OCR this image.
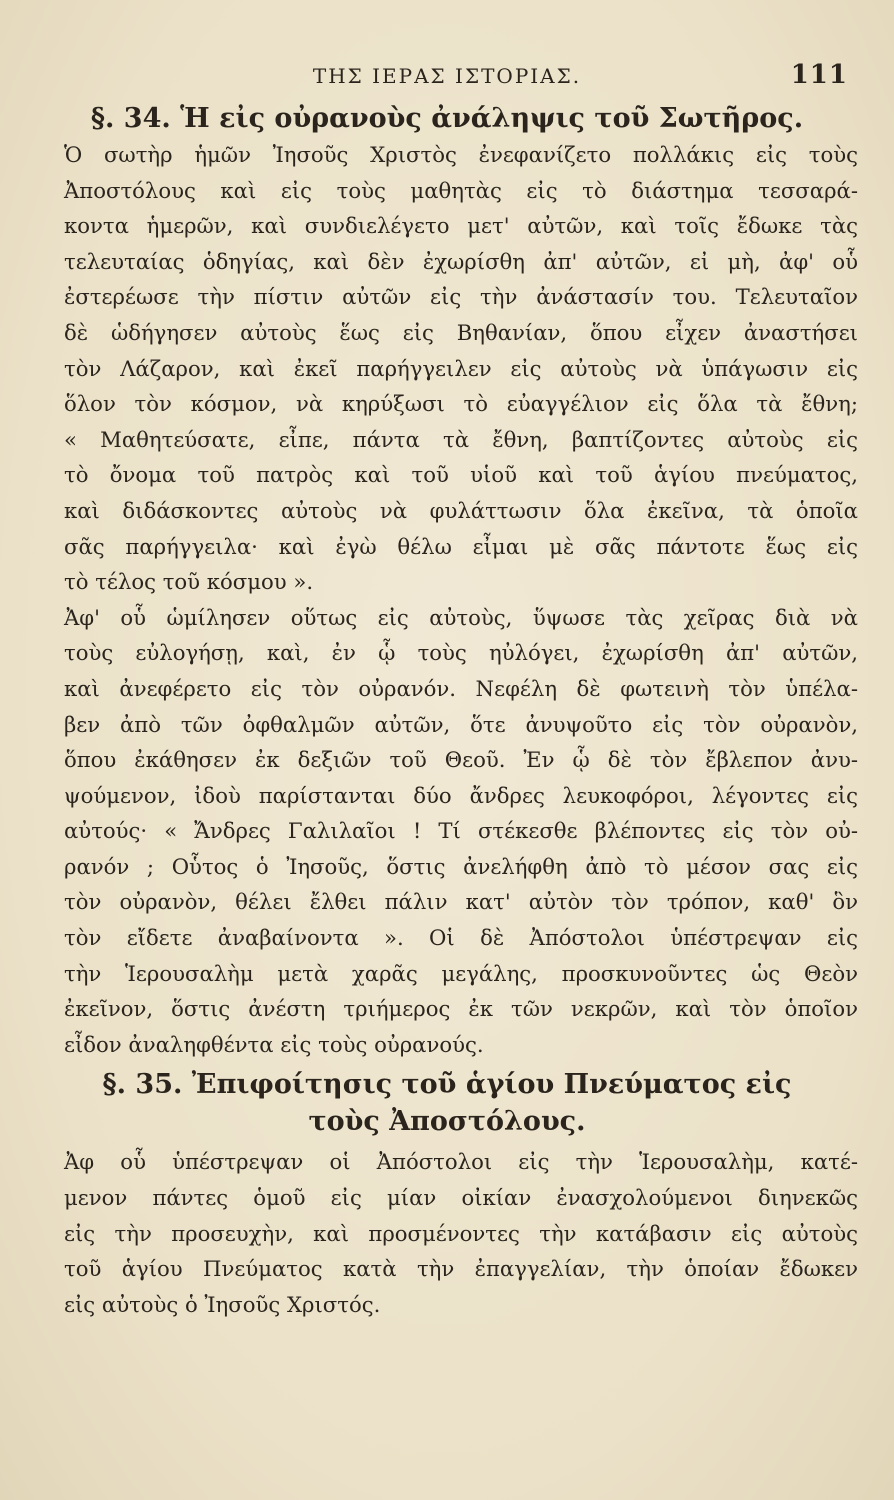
ΤΗΣ ΙΕΡΑΣ ΙΣΤΟΡΙΑΣ.	111
§. 34. Ἡ εἰς οὐρανοὺς ἀνάληψις τοῦ Σωτῆρος.

Ὁ σωτὴρ ἡμῶν Ἰησοῦς Χριστὸς ἐνεφανίζετο πολλάκις εἰς τοὺς
Ἀποστόλους καὶ εἰς τοὺς μαθητὰς εἰς τὸ διάστημα τεσσαρά-
κοντα ἡμερῶν, καὶ συνδιελέγετο μετ' αὐτῶν, καὶ τοῖς ἔδωκε τὰς
τελευταίας ὁδηγίας, καὶ δὲν ἐχωρίσθη ἀπ' αὐτῶν, εἰ μὴ, ἀφ' οὗ
ἐστερέωσε τὴν πίστιν αὐτῶν εἰς τὴν ἀνάστασίν του. Τελευταῖον
δὲ ὡδήγησεν αὐτοὺς ἕως εἰς Βηθανίαν, ὅπου εἶχεν ἀναστήσει
τὸν Λάζαρον, καὶ ἐκεῖ παρήγγειλεν εἰς αὐτοὺς νὰ ὑπάγωσιν εἰς
ὅλον τὸν κόσμον, νὰ κηρύξωσι τὸ εὐαγγέλιον εἰς ὅλα τὰ ἔθνη;
« Μαθητεύσατε, εἶπε, πάντα τὰ ἔθνη, βαπτίζοντες αὐτοὺς εἰς
τὸ ὄνομα τοῦ πατρὸς καὶ τοῦ υἱοῦ καὶ τοῦ ἁγίου πνεύματος,
καὶ διδάσκοντες αὐτοὺς νὰ φυλάττωσιν ὅλα ἐκεῖνα, τὰ ὁποῖα
σᾶς παρήγγειλα· καὶ ἐγὼ θέλω εἶμαι μὲ σᾶς πάντοτε ἕως εἰς
τὸ τέλος τοῦ κόσμου ».

Ἀφ' οὗ ὡμίλησεν οὕτως εἰς αὐτοὺς, ὕψωσε τὰς χεῖρας διὰ νὰ
τοὺς εὐλογήσῃ, καὶ, ἐν ᾧ τοὺς ηὐλόγει, ἐχωρίσθη ἀπ' αὐτῶν,
καὶ ἀνεφέρετο εἰς τὸν οὐρανόν. Νεφέλη δὲ φωτεινὴ τὸν ὑπέλα-
βεν ἀπὸ τῶν ὀφθαλμῶν αὐτῶν, ὅτε ἀνυψοῦτο εἰς τὸν οὐρανὸν,
ὅπου ἐκάθησεν ἐκ δεξιῶν τοῦ Θεοῦ. Ἐν ᾧ δὲ τὸν ἔβλεπον ἀνυ-
ψούμενον, ἰδοὺ παρίστανται δύο ἄνδρες λευκοφόροι, λέγοντες εἰς
αὐτούς· « Ἄνδρες Γαλιλαῖοι ! Τί στέκεσθε βλέποντες εἰς τὸν οὐ-
ρανόν ; Οὗτος ὁ Ἰησοῦς, ὅστις ἀνελήφθη ἀπὸ τὸ μέσον σας εἰς
τὸν οὐρανὸν, θέλει ἔλθει πάλιν κατ' αὐτὸν τὸν τρόπον, καθ' ὃν
τὸν εἴδετε ἀναβαίνοντα ». Οἱ δὲ Ἀπόστολοι ὑπέστρεψαν εἰς
τὴν Ἱερουσαλὴμ μετὰ χαρᾶς μεγάλης, προσκυνοῦντες ὡς Θεὸν
ἐκεῖνον, ὅστις ἀνέστη τριήμερος ἐκ τῶν νεκρῶν, καὶ τὸν ὁποῖον
εἶδον ἀναληφθέντα εἰς τοὺς οὐρανούς.

§. 35. Ἐπιφοίτησις τοῦ ἁγίου Πνεύματος εἰς
τοὺς Ἀποστόλους.

Ἀφ οὗ ὑπέστρεψαν οἱ Ἀπόστολοι εἰς τὴν Ἱερουσαλὴμ, κατέ-
μενον πάντες ὁμοῦ εἰς μίαν οἰκίαν ἐνασχολούμενοι διηνεκῶς
εἰς τὴν προσευχὴν, καὶ προσμένοντες τὴν κατάβασιν εἰς αὐτοὺς
τοῦ ἁγίου Πνεύματος κατὰ τὴν ἐπαγγελίαν, τὴν ὁποίαν ἔδωκεν
εἰς αὐτοὺς ὁ Ἰησοῦς Χριστός.
